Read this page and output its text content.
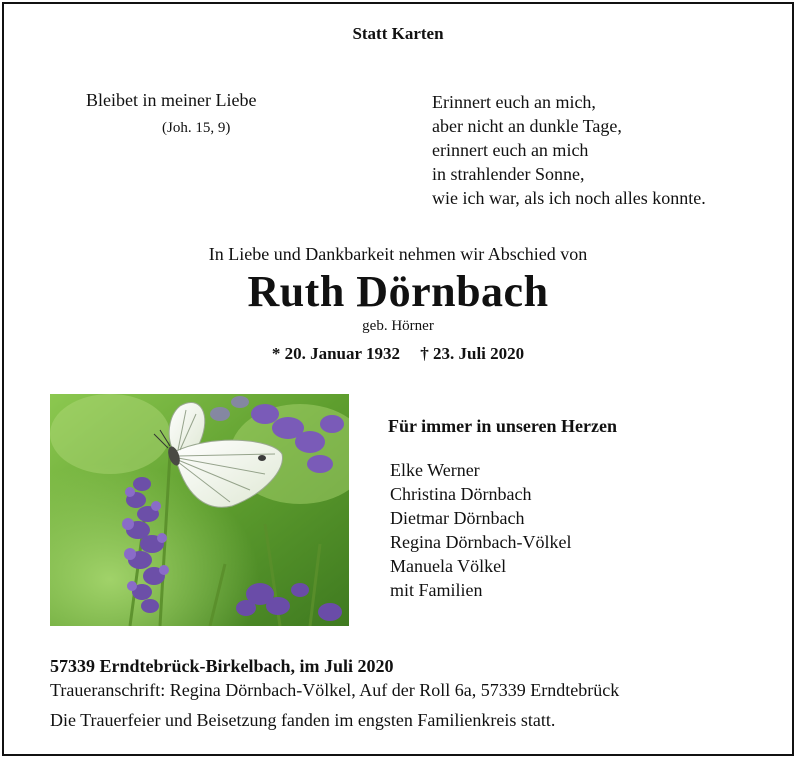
Statt Karten
Bleibet in meiner Liebe
(Joh. 15, 9)
Erinnert euch an mich,
aber nicht an dunkle Tage,
erinnert euch an mich
in strahlender Sonne,
wie ich war, als ich noch alles konnte.
In Liebe und Dankbarkeit nehmen wir Abschied von
Ruth Dörnbach
geb. Hörner
* 20. Januar 1932 † 23. Juli 2020
Für immer in unseren Herzen
Elke Werner
Christina Dörnbach
Dietmar Dörnbach
Regina Dörnbach-Völkel
Manuela Völkel
mit Familien
57339 Erndtebrück-Birkelbach, im Juli 2020
Traueranschrift: Regina Dörnbach-Völkel, Auf der Roll 6a, 57339 Erndtebrück
Die Trauerfeier und Beisetzung fanden im engsten Familienkreis statt.
